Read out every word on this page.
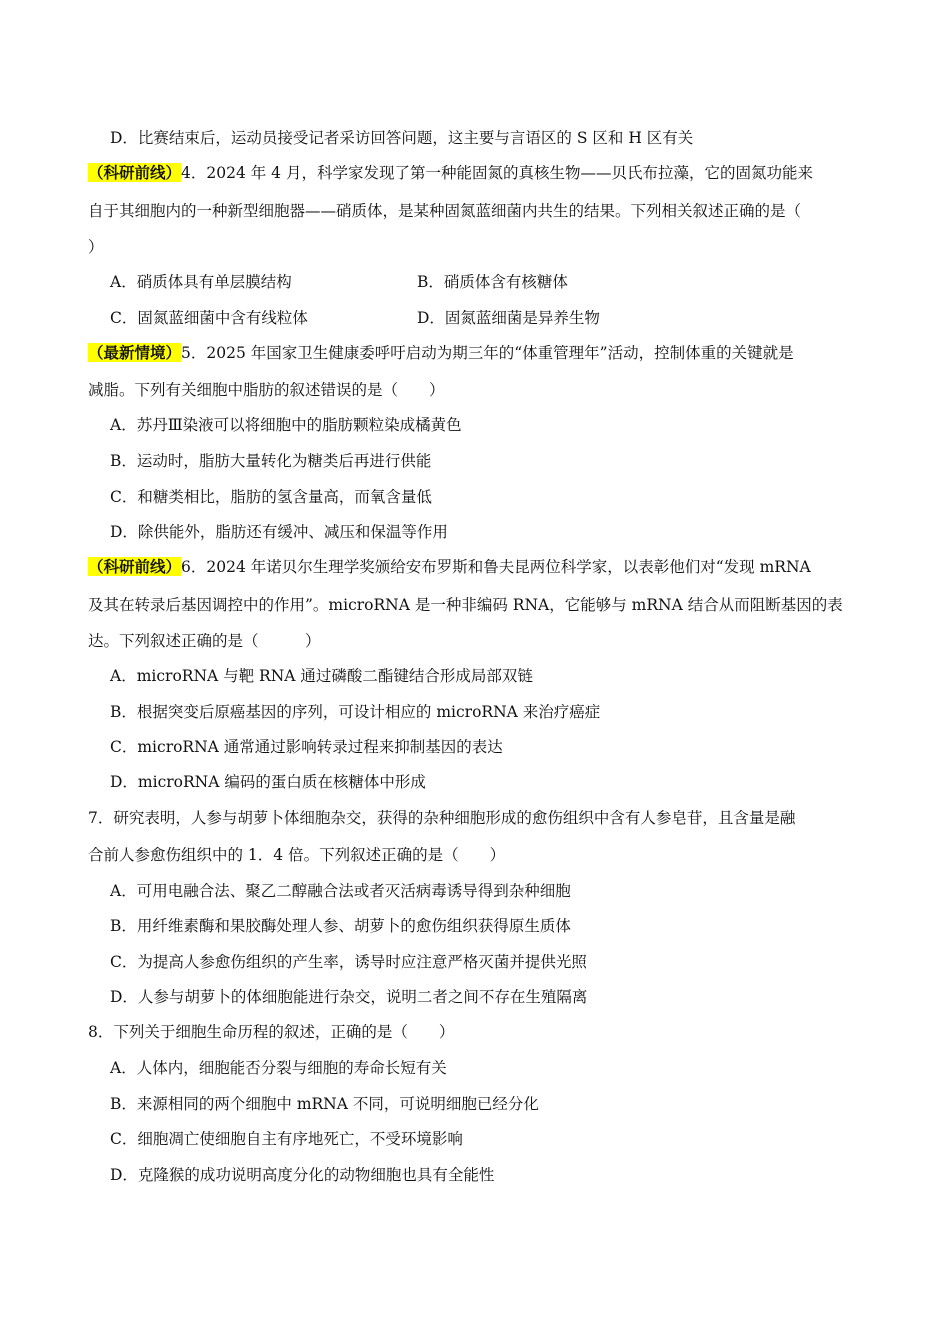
D．比赛结束后，运动员接受记者采访回答问题，这主要与言语区的 S 区和 H 区有关
（科研前线）4．2024 年 4 月，科学家发现了第一种能固氮的真核生物——贝氏布拉藻，它的固氮功能来
自于其细胞内的一种新型细胞器——硝质体，是某种固氮蓝细菌内共生的结果。下列相关叙述正确的是（
）
A．硝质体具有单层膜结构	B．硝质体含有核糖体
C．固氮蓝细菌中含有线粒体	D．固氮蓝细菌是异养生物
（最新情境）5．2025 年国家卫生健康委呼吁启动为期三年的“体重管理年”活动，控制体重的关键就是
减脂。下列有关细胞中脂肪的叙述错误的是（　　）
A．苏丹Ⅲ染液可以将细胞中的脂肪颗粒染成橘黄色
B．运动时，脂肪大量转化为糖类后再进行供能
C．和糖类相比，脂肪的氢含量高，而氧含量低
D．除供能外，脂肪还有缓冲、减压和保温等作用
（科研前线）6．2024 年诺贝尔生理学奖颁给安布罗斯和鲁夫昆两位科学家，以表彰他们对“发现 mRNA
及其在转录后基因调控中的作用”。microRNA 是一种非编码 RNA，它能够与 mRNA 结合从而阻断基因的表
达。下列叙述正确的是（　　　）
A．microRNA 与靶 RNA 通过磷酸二酯键结合形成局部双链
B．根据突变后原癌基因的序列，可设计相应的 microRNA 来治疗癌症
C．microRNA 通常通过影响转录过程来抑制基因的表达
D．microRNA 编码的蛋白质在核糖体中形成
7．研究表明，人参与胡萝卜体细胞杂交，获得的杂种细胞形成的愈伤组织中含有人参皂苷，且含量是融
合前人参愈伤组织中的 1．4 倍。下列叙述正确的是（　　）
A．可用电融合法、聚乙二醇融合法或者灭活病毒诱导得到杂种细胞
B．用纤维素酶和果胶酶处理人参、胡萝卜的愈伤组织获得原生质体
C．为提高人参愈伤组织的产生率，诱导时应注意严格灭菌并提供光照
D．人参与胡萝卜的体细胞能进行杂交，说明二者之间不存在生殖隔离
8．下列关于细胞生命历程的叙述，正确的是（　　）
A．人体内，细胞能否分裂与细胞的寿命长短有关
B．来源相同的两个细胞中 mRNA 不同，可说明细胞已经分化
C．细胞凋亡使细胞自主有序地死亡，不受环境影响
D．克隆猴的成功说明高度分化的动物细胞也具有全能性
